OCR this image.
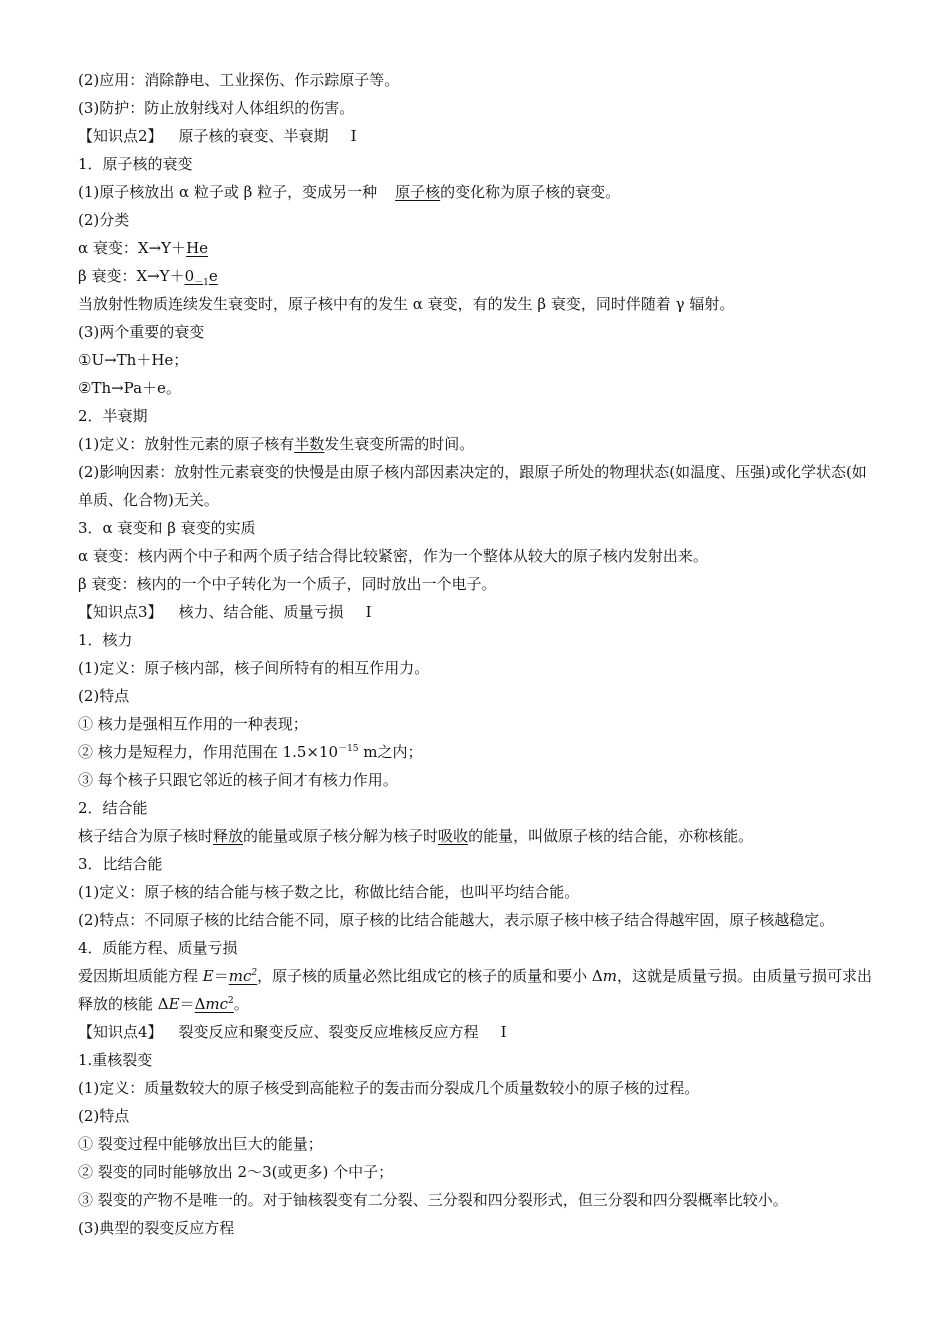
(2)应用：消除静电、工业探伤、作示踪原子等。
(3)防护：防止放射线对人体组织的伤害。
【知识点2】 原子核的衰变、半衰期 Ⅰ
1．原子核的衰变
(1)原子核放出 α 粒子或 β 粒子，变成另一种 原子核的变化称为原子核的衰变。
(2)分类
α 衰变：X→Y＋He
β 衰变：$X\to Y+0_{-1}e$
当放射性物质连续发生衰变时，原子核中有的发生 α 衰变，有的发生 β 衰变，同时伴随着 γ 辐射。
(3)两个重要的衰变
①U→Th＋He；
②Th→Pa＋e。
2．半衰期
(1)定义：放射性元素的原子核有半数发生衰变所需的时间。
(2)影响因素：放射性元素衰变的快慢是由原子核内部因素决定的，跟原子所处的物理状态(如温度、压强)或化学状态(如单质、化合物)无关。
3．α 衰变和 β 衰变的实质
α 衰变：核内两个中子和两个质子结合得比较紧密，作为一个整体从较大的原子核内发射出来。
β 衰变：核内的一个中子转化为一个质子，同时放出一个电子。
【知识点3】 核力、结合能、质量亏损 Ⅰ
1．核力
(1)定义：原子核内部，核子间所特有的相互作用力。
(2)特点
① 核力是强相互作用的一种表现；
② 核力是短程力，作用范围在 $1.5\times 10^{-15}$ m之内；
③ 每个核子只跟它邻近的核子间才有核力作用。
2．结合能
核子结合为原子核时释放的能量或原子核分解为核子时吸收的能量，叫做原子核的结合能，亦称核能。
3．比结合能
(1)定义：原子核的结合能与核子数之比，称做比结合能，也叫平均结合能。
(2)特点：不同原子核的比结合能不同，原子核的比结合能越大，表示原子核中核子结合得越牢固，原子核越稳定。
4．质能方程、质量亏损
爱因斯坦质能方程 $E=mc^2$，原子核的质量必然比组成它的核子的质量和要小 Δm，这就是质量亏损。由质量亏损可求出释放的核能 ΔE＝Δmc$^2$。
【知识点4】 裂变反应和聚变反应、裂变反应堆核反应方程 Ⅰ
1.重核裂变
(1)定义：质量数较大的原子核受到高能粒子的轰击而分裂成几个质量数较小的原子核的过程。
(2)特点
① 裂变过程中能够放出巨大的能量；
② 裂变的同时能够放出 2～3(或更多) 个中子；
③ 裂变的产物不是唯一的。对于铀核裂变有二分裂、三分裂和四分裂形式，但三分裂和四分裂概率比较小。
(3)典型的裂变反应方程
